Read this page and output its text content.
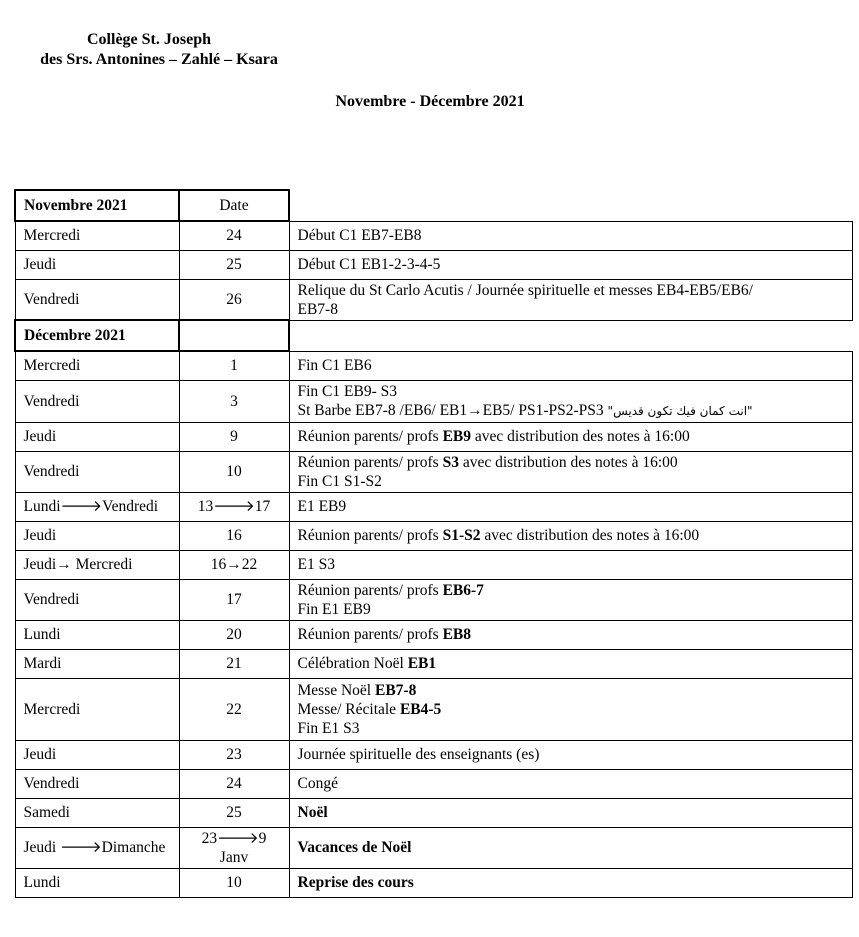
Collège St. Joseph
des Srs. Antonines – Zahlé – Ksara
Novembre - Décembre 2021
Novembre 2021	Date	
Mercredi	24	Début C1 EB7-EB8

Jeudi	25	Début C1 EB1-2-3-4-5

Vendredi	26	Relique du St Carlo Acutis / Journée spirituelle et messes EB4-EB5/EB6/
EB7-8

Décembre 2021		
Mercredi	1	Fin C1 EB6

Vendredi	3	Fin C1 EB9- S3
St Barbe EB7-8 /EB6/ EB1→EB5/ PS1-PS2-PS3 "انت كمان فيك تكون قديس"

Jeudi	9	Réunion parents/ profs EB9 avec distribution des notes à 16:00

Vendredi	10	Réunion parents/ profs S3 avec distribution des notes à 16:00
Fin C1 S1-S2

Lundi🡒Vendredi	13🡒17	E1 EB9

Jeudi	16	Réunion parents/ profs S1-S2 avec distribution des notes à 16:00

Jeudi→ Mercredi	16→22	E1 S3

Vendredi	17	Réunion parents/ profs EB6-7
Fin E1 EB9

Lundi	20	Réunion parents/ profs EB8

Mardi	21	Célébration Noël EB1

Mercredi	22	Messe Noël EB7-8
Messe/ Récitale EB4-5
Fin E1 S3

Jeudi	23	Journée spirituelle des enseignants (es)

Vendredi	24	Congé

Samedi	25	Noël

Jeudi 🡒Dimanche	23🡒9 Janv	Vacances de Noël

Lundi	10	Reprise des cours
